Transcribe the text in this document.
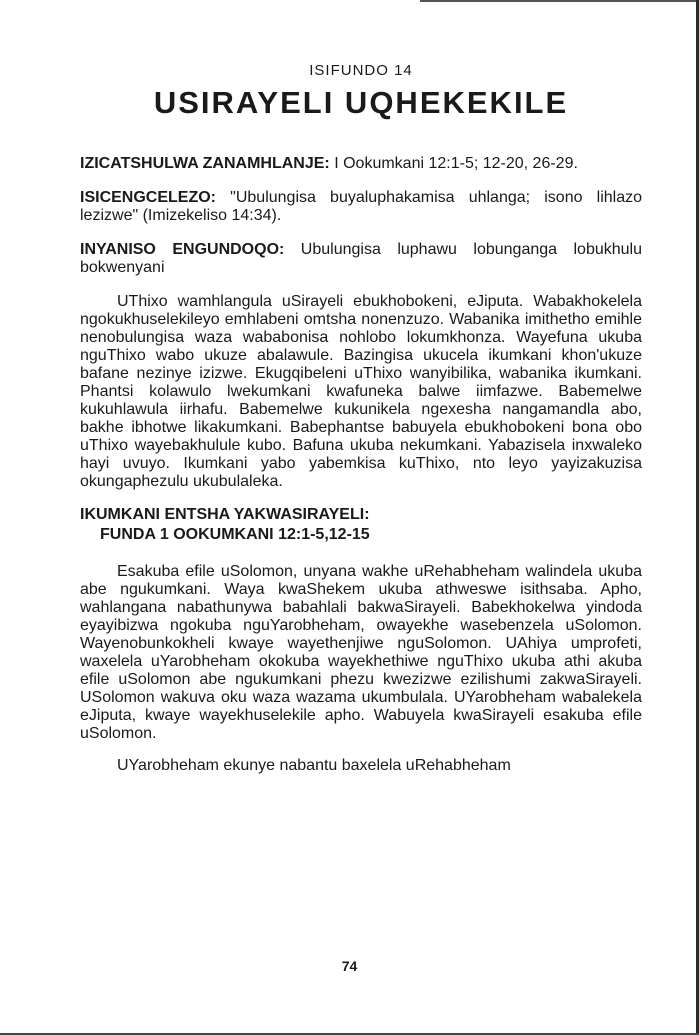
ISIFUNDO 14
USIRAYELI UQHEKEKILE

IZICATSHULWA ZANAMHLANJE: I Ookumkani 12:1-5; 12-20, 26-29.

ISICENGCELEZO: "Ubulungisa buyaluphakamisa uhlanga; isono lihlazo lezizwe" (Imizekeliso 14:34).

INYANISO ENGUNDOQO: Ubulungisa luphawu lobunganga lobukhulu bokwenyani

UThixo wamhlangula uSirayeli ebukhobokeni, eJiputa. Wabakhokelela ngokukhuselekileyo emhlabeni omtsha nonenzuzo. Wabanika imithetho emihle nenobulungisa waza wababonisa nohlobo lokumkhonza. Wayefuna ukuba nguThixo wabo ukuze abalawule. Bazingisa ukucela ikumkani khon'ukuze bafane nezinye izizwe. Ekugqibeleni uThixo wanyibilika, wabanika ikumkani. Phantsi kolawulo lwekumkani kwafuneka balwe iimfazwe. Babemelwe kukuhlawula iirhafu. Babemelwe kukunikela ngexesha nangamandla abo, bakhe ibhotwe likakumkani. Babephantse babuyela ebukhobokeni bona obo uThixo wayebakhulule kubo. Bafuna ukuba nekumkani. Yabazisela inxwaleko hayi uvuyo. Ikumkani yabo yabemkisa kuThixo, nto leyo yayizakuzisa okungaphezulu ukubulaleka.

IKUMKANI ENTSHA YAKWASIRAYELI:
FUNDA 1 OOKUMKANI 12:1-5,12-15

Esakuba efile uSolomon, unyana wakhe uRehabheham walindela ukuba abe ngukumkani. Waya kwaShekem ukuba athweswe isithsaba. Apho, wahlangana nabathunywa babahlali bakwaSirayeli. Babekhokelwa yindoda eyayibizwa ngokuba nguYarobheham, owayekhe wasebenzela uSolomon. Wayenobunkokheli kwaye wayethenjiwe nguSolomon. UAhiya umprofeti, waxelela uYarobheham okokuba wayekhethiwe nguThixo ukuba athi akuba efile uSolomon abe ngukumkani phezu kwezizwe ezilishumi zakwaSirayeli. USolomon wakuva oku waza wazama ukumbulala. UYarobheham wabalekela eJiputa, kwaye wayekhuselekile apho. Wabuyela kwaSirayeli esakuba efile uSolomon.

UYarobheham ekunye nabantu baxelela uRehabheham

74
